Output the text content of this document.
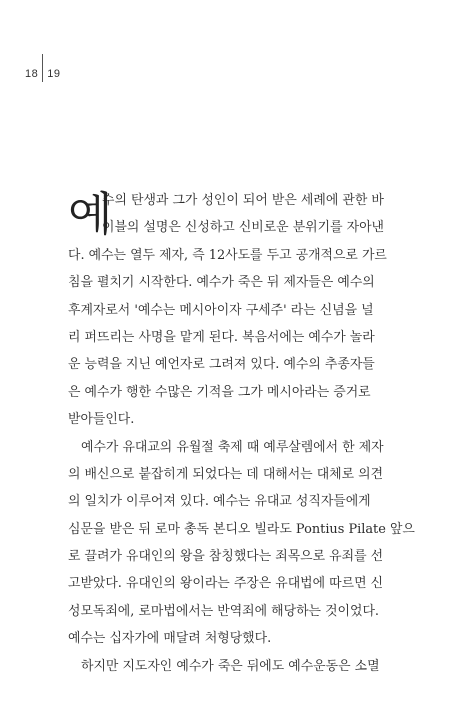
18 19
예
수의 탄생과 그가 성인이 되어 받은 세례에 관한 바
이블의 설명은 신성하고 신비로운 분위기를 자아낸
다. 예수는 열두 제자, 즉 12사도를 두고 공개적으로 가르
침을 펼치기 시작한다. 예수가 죽은 뒤 제자들은 예수의
후계자로서 '예수는 메시아이자 구세주' 라는 신념을 널
리 퍼뜨리는 사명을 맡게 된다. 복음서에는 예수가 놀라
운 능력을 지닌 예언자로 그려져 있다. 예수의 추종자들
은 예수가 행한 수많은 기적을 그가 메시아라는 증거로
받아들인다.
예수가 유대교의 유월절 축제 때 예루살렘에서 한 제자
의 배신으로 붙잡히게 되었다는 데 대해서는 대체로 의견
의 일치가 이루어져 있다. 예수는 유대교 성직자들에게
심문을 받은 뒤 로마 총독 본디오 빌라도 Pontius Pilate 앞으
로 끌려가 유대인의 왕을 참칭했다는 죄목으로 유죄를 선
고받았다. 유대인의 왕이라는 주장은 유대법에 따르면 신
성모독죄에, 로마법에서는 반역죄에 해당하는 것이었다.
예수는 십자가에 매달려 처형당했다.
하지만 지도자인 예수가 죽은 뒤에도 예수운동은 소멸
